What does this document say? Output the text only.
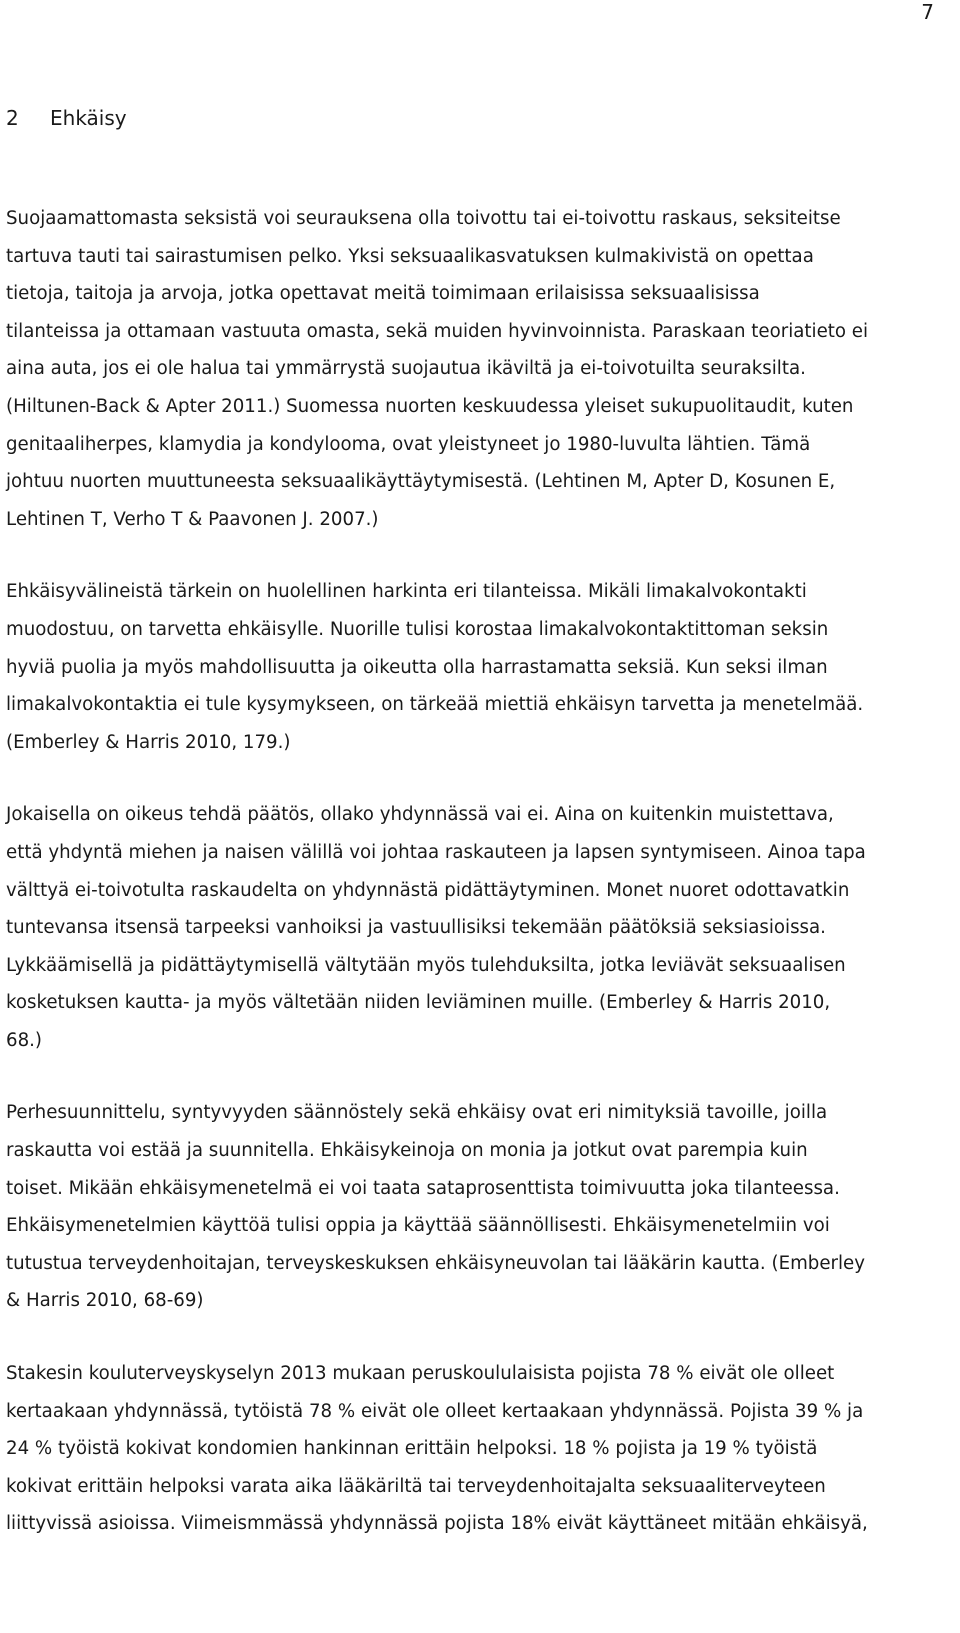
7
2 Ehkäisy

Suojaamattomasta seksistä voi seurauksena olla toivottu tai ei-toivottu raskaus, seksiteitse
tartuva tauti tai sairastumisen pelko. Yksi seksuaalikasvatuksen kulmakivistä on opettaa
tietoja, taitoja ja arvoja, jotka opettavat meitä toimimaan erilaisissa seksuaalisissa
tilanteissa ja ottamaan vastuuta omasta, sekä muiden hyvinvoinnista. Paraskaan teoriatieto ei
aina auta, jos ei ole halua tai ymmärrystä suojautua ikäviltä ja ei-toivotuilta seuraksilta.
(Hiltunen-Back & Apter 2011.) Suomessa nuorten keskuudessa yleiset sukupuolitaudit, kuten
genitaaliherpes, klamydia ja kondylooma, ovat yleistyneet jo 1980-luvulta lähtien. Tämä
johtuu nuorten muuttuneesta seksuaalikäyttäytymisestä. (Lehtinen M, Apter D, Kosunen E,
Lehtinen T, Verho T & Paavonen J. 2007.)

Ehkäisyvälineistä tärkein on huolellinen harkinta eri tilanteissa. Mikäli limakalvokontakti
muodostuu, on tarvetta ehkäisylle. Nuorille tulisi korostaa limakalvokontaktittoman seksin
hyviä puolia ja myös mahdollisuutta ja oikeutta olla harrastamatta seksiä. Kun seksi ilman
limakalvokontaktia ei tule kysymykseen, on tärkeää miettiä ehkäisyn tarvetta ja menetelmää.
(Emberley & Harris 2010, 179.)

Jokaisella on oikeus tehdä päätös, ollako yhdynnässä vai ei. Aina on kuitenkin muistettava,
että yhdyntä miehen ja naisen välillä voi johtaa raskauteen ja lapsen syntymiseen. Ainoa tapa
välttyä ei-toivotulta raskaudelta on yhdynnästä pidättäytyminen. Monet nuoret odottavatkin
tuntevansa itsensä tarpeeksi vanhoiksi ja vastuullisiksi tekemään päätöksiä seksiasioissa.
Lykkäämisellä ja pidättäytymisellä vältytään myös tulehduksilta, jotka leviävät seksuaalisen
kosketuksen kautta- ja myös vältetään niiden leviäminen muille. (Emberley & Harris 2010,
68.)

Perhesuunnittelu, syntyvyyden säännöstely sekä ehkäisy ovat eri nimityksiä tavoille, joilla
raskautta voi estää ja suunnitella. Ehkäisykeinoja on monia ja jotkut ovat parempia kuin
toiset. Mikään ehkäisymenetelmä ei voi taata sataprosenttista toimivuutta joka tilanteessa.
Ehkäisymenetelmien käyttöä tulisi oppia ja käyttää säännöllisesti. Ehkäisymenetelmiin voi
tutustua terveydenhoitajan, terveyskeskuksen ehkäisyneuvolan tai lääkärin kautta. (Emberley
& Harris 2010, 68-69)

Stakesin kouluterveyskyselyn 2013 mukaan peruskoululaisista pojista 78 % eivät ole olleet
kertaakaan yhdynnässä, tytöistä 78 % eivät ole olleet kertaakaan yhdynnässä. Pojista 39 % ja
24 % työistä kokivat kondomien hankinnan erittäin helpoksi. 18 % pojista ja 19 % työistä
kokivat erittäin helpoksi varata aika lääkäriltä tai terveydenhoitajalta seksuaaliterveyteen
liittyvissä asioissa. Viimeismmässä yhdynnässä pojista 18% eivät käyttäneet mitään ehkäisyä,
